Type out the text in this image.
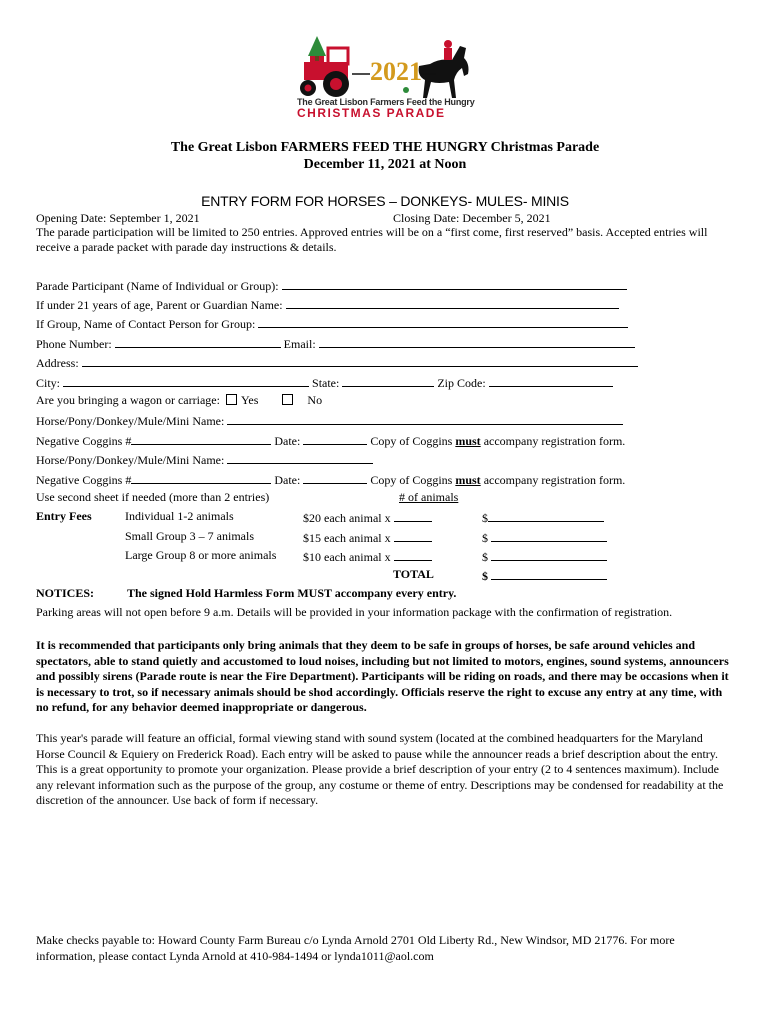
2021
The Great Lisbon Farmers Feed the Hungry
CHRISTMAS PARADE
The Great Lisbon FARMERS FEED THE HUNGRY Christmas Parade
December 11, 2021 at Noon
ENTRY FORM FOR HORSES – DONKEYS- MULES- MINIS
Opening Date: September 1, 2021	Closing Date: December 5, 2021
The parade participation will be limited to 250 entries. Approved entries will be on a “first come, first reserved” basis. Accepted entries will receive a parade packet with parade day instructions & details.
Parade Participant (Name of Individual or Group):
If under 21 years of age, Parent or Guardian Name:
If Group, Name of Contact Person for Group:
Phone Number:	Email:
Address:
City:	State:	Zip Code:
Are you bringing a wagon or carriage: Yes	No
Horse/Pony/Donkey/Mule/Mini Name:
Negative Coggins #	Date:	Copy of Coggins must accompany registration form.
Horse/Pony/Donkey/Mule/Mini Name:
Negative Coggins #	Date:	Copy of Coggins must accompany registration form.
Use second sheet if needed (more than 2 entries)	# of animals
Entry Fees	Individual 1-2 animals	$20 each animal x	$
Small Group 3 – 7 animals	$15 each animal x	$
Large Group 8 or more animals $10 each animal x	$
TOTAL	$
NOTICES:	The signed Hold Harmless Form MUST accompany every entry.
Parking areas will not open before 9 a.m. Details will be provided in your information package with the confirmation of registration.
It is recommended that participants only bring animals that they deem to be safe in groups of horses, be safe around vehicles and spectators, able to stand quietly and accustomed to loud noises, including but not limited to motors, engines, sound systems, announcers and possibly sirens (Parade route is near the Fire Department). Participants will be riding on roads, and there may be occasions when it is necessary to trot, so if necessary animals should be shod accordingly. Officials reserve the right to excuse any entry at any time, with no refund, for any behavior deemed inappropriate or dangerous.
This year's parade will feature an official, formal viewing stand with sound system (located at the combined headquarters for the Maryland Horse Council & Equiery on Frederick Road). Each entry will be asked to pause while the announcer reads a brief description about the entry. This is a great opportunity to promote your organization. Please provide a brief description of your entry (2 to 4 sentences maximum). Include any relevant information such as the purpose of the group, any costume or theme of entry. Descriptions may be condensed for readability at the discretion of the announcer. Use back of form if necessary.
Make checks payable to: Howard County Farm Bureau c/o Lynda Arnold 2701 Old Liberty Rd., New Windsor, MD 21776. For more information, please contact Lynda Arnold at 410-984-1494 or lynda1011@aol.com
